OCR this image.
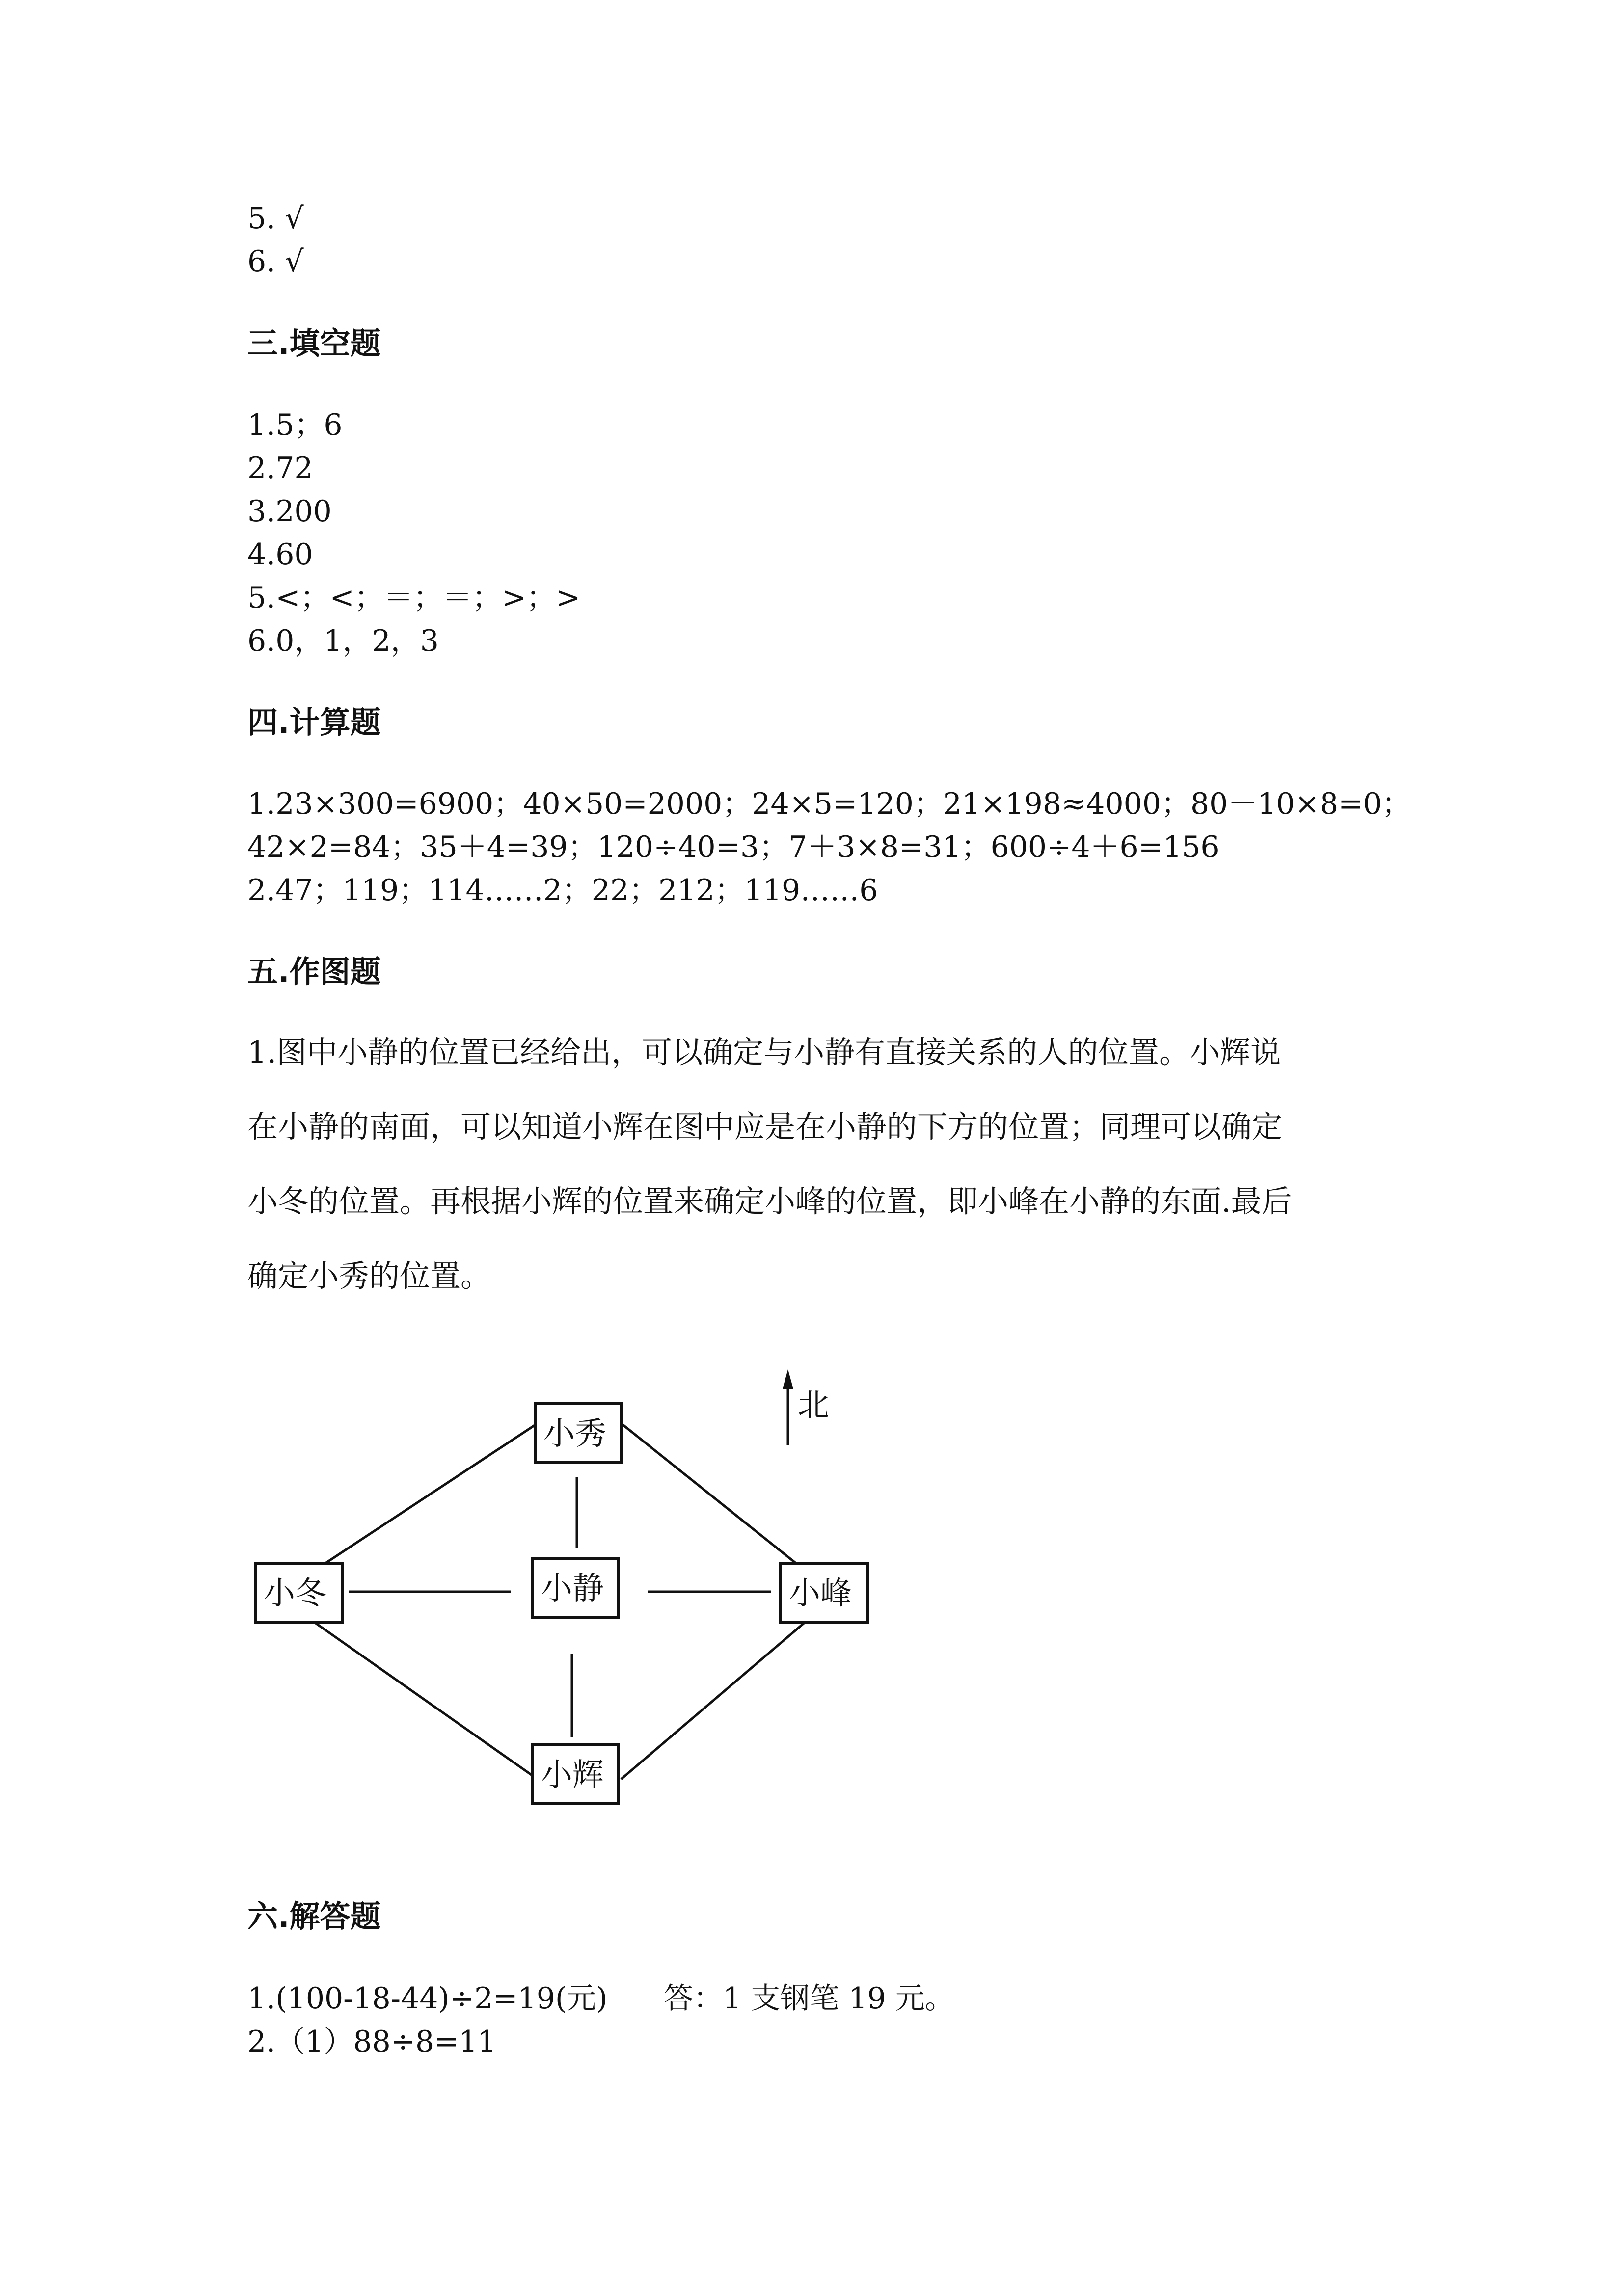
5. √
6. √
三.填空题
1.5；6
2.72
3.200
4.60
5.<；<；＝；＝；>；>
6.0，1，2，3
四.计算题
1.23×300=6900；40×50=2000；24×5=120；21×198≈4000；80－10×8=0；
42×2=84；35＋4=39；120÷40=3；7＋3×8=31；600÷4＋6=156
2.47；119；114……2；22；212；119……6
五.作图题
1.图中小静的位置已经给出，可以确定与小静有直接关系的人的位置。小辉说
在小静的南面，可以知道小辉在图中应是在小静的下方的位置；同理可以确定
小冬的位置。再根据小辉的位置来确定小峰的位置，即小峰在小静的东面.最后
确定小秀的位置。
北
小秀
小冬	小静	小峰
小辉
六.解答题
1.(100-18-44)÷2=19(元)      答：1 支钢笔 19 元。
2.（1）88÷8=11
